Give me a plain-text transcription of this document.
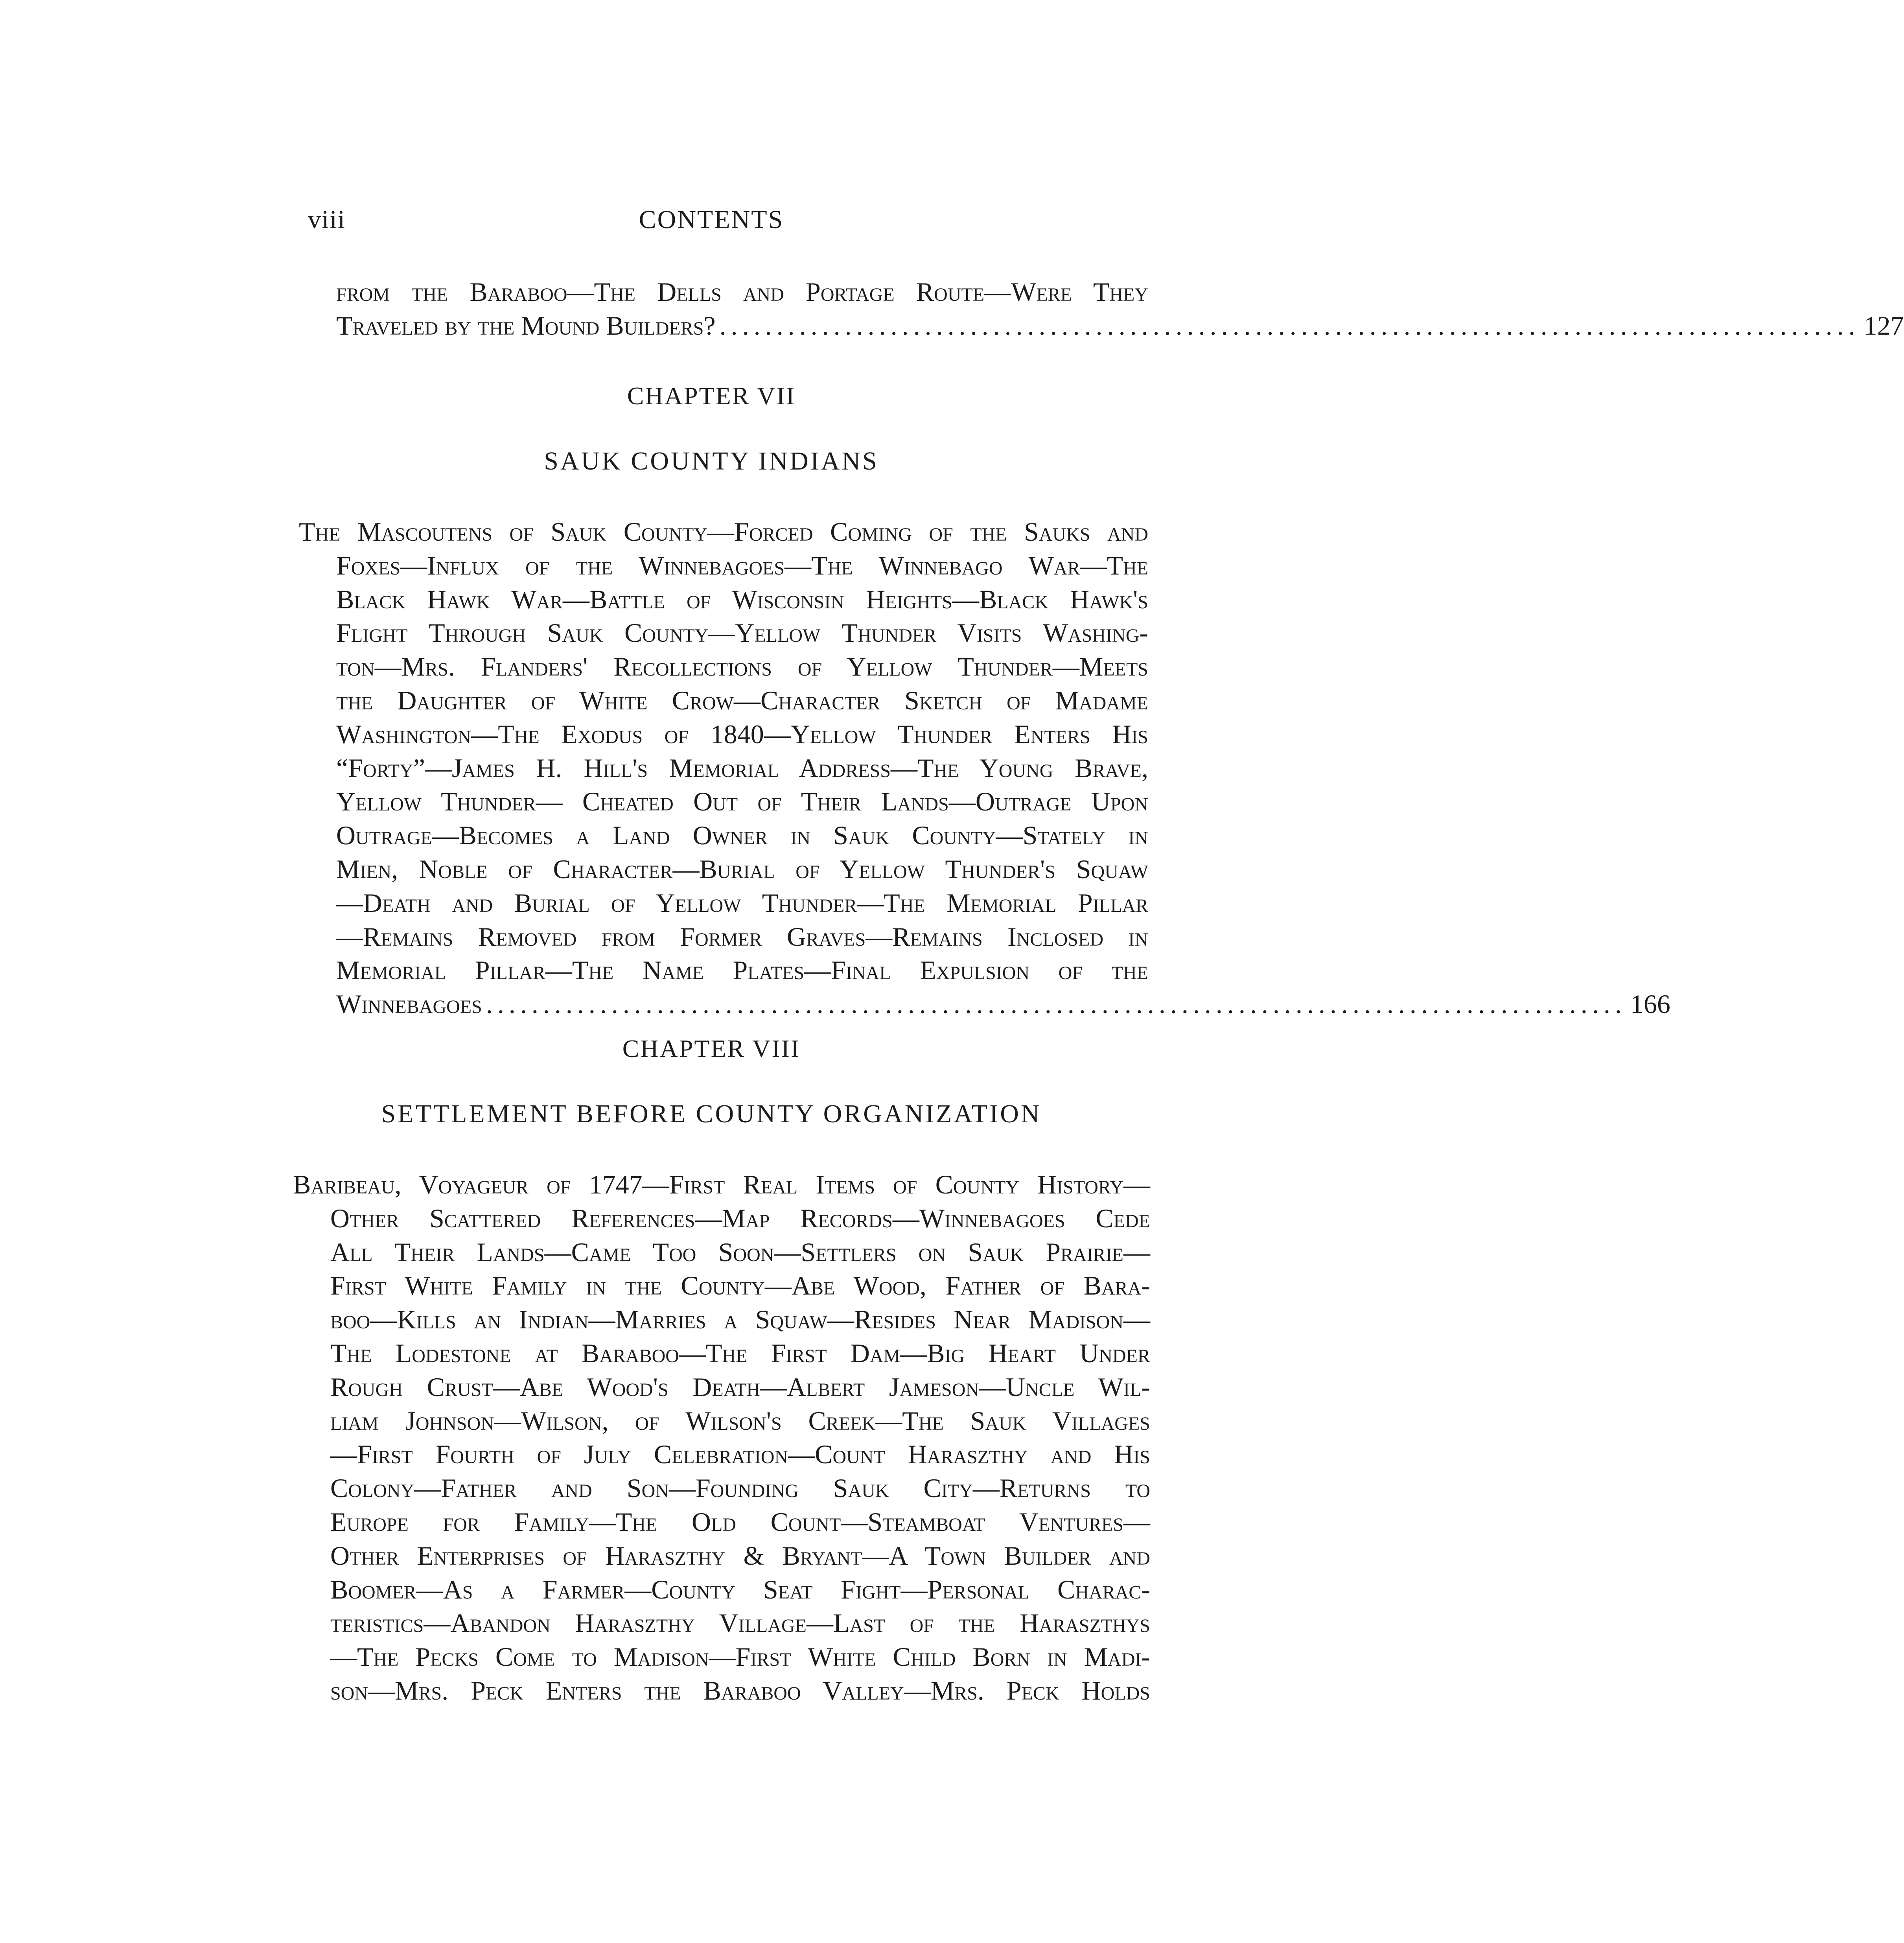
viii	CONTENTS
from the Baraboo—The Dells and Portage Route—Were They
Traveled by the Mound Builders? .................................................................................................... 127
CHAPTER VII
SAUK COUNTY INDIANS
The Mascoutens of Sauk County—Forced Coming of the Sauks and
Foxes—Influx of the Winnebagoes—The Winnebago War—The
Black Hawk War—Battle of Wisconsin Heights—Black Hawk's
Flight Through Sauk County—Yellow Thunder Visits Washing-
ton—Mrs. Flanders' Recollections of Yellow Thunder—Meets
the Daughter of White Crow—Character Sketch of Madame
Washington—The Exodus of 1840—Yellow Thunder Enters His
“Forty”—James H. Hill's Memorial Address—The Young Brave,
Yellow Thunder— Cheated Out of Their Lands—Outrage Upon
Outrage—Becomes a Land Owner in Sauk County—Stately in
Mien, Noble of Character—Burial of Yellow Thunder's Squaw
—Death and Burial of Yellow Thunder—The Memorial Pillar
—Remains Removed from Former Graves—Remains Inclosed in
Memorial Pillar—The Name Plates—Final Expulsion of the
Winnebagoes .................................................................................................... 166
CHAPTER VIII
SETTLEMENT BEFORE COUNTY ORGANIZATION
Baribeau, Voyageur of 1747—First Real Items of County History—
Other Scattered References—Map Records—Winnebagoes Cede
All Their Lands—Came Too Soon—Settlers on Sauk Prairie—
First White Family in the County—Abe Wood, Father of Bara-
boo—Kills an Indian—Marries a Squaw—Resides Near Madison—
The Lodestone at Baraboo—The First Dam—Big Heart Under
Rough Crust—Abe Wood's Death—Albert Jameson—Uncle Wil-
liam Johnson—Wilson, of Wilson's Creek—The Sauk Villages
—First Fourth of July Celebration—Count Haraszthy and His
Colony—Father and Son—Founding Sauk City—Returns to
Europe for Family—The Old Count—Steamboat Ventures—
Other Enterprises of Haraszthy & Bryant—A Town Builder and
Boomer—As a Farmer—County Seat Fight—Personal Charac-
teristics—Abandon Haraszthy Village—Last of the Haraszthys
—The Pecks Come to Madison—First White Child Born in Madi-
son—Mrs. Peck Enters the Baraboo Valley—Mrs. Peck Holds
